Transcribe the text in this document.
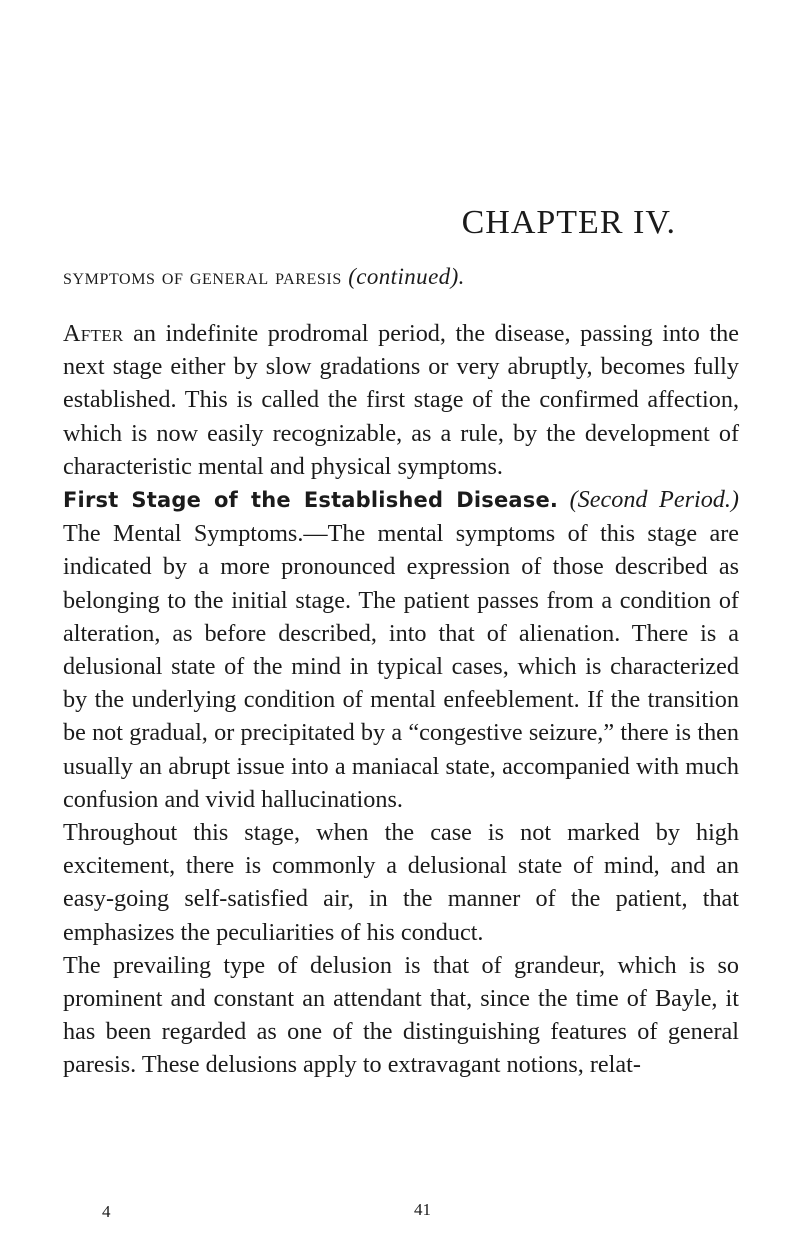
CHAPTER IV.
symptoms of general paresis (continued).

After an indefinite prodromal period, the disease, passing into the next stage either by slow gradations or very abruptly, becomes fully established. This is called the first stage of the confirmed affection, which is now easily recognizable, as a rule, by the development of characteristic mental and physical symptoms.

First Stage of the Established Disease. (Second Period.) The Mental Symptoms.—The mental symptoms of this stage are indicated by a more pronounced expression of those described as belonging to the initial stage. The patient passes from a condition of alteration, as before described, into that of alienation. There is a delusional state of the mind in typical cases, which is characterized by the underlying condition of mental enfeeblement. If the transition be not gradual, or precipitated by a “congestive seizure,” there is then usually an abrupt issue into a maniacal state, accompanied with much confusion and vivid hallucinations.

Throughout this stage, when the case is not marked by high excitement, there is commonly a delusional state of mind, and an easy-going self-satisfied air, in the manner of the patient, that emphasizes the peculiarities of his conduct.

The prevailing type of delusion is that of grandeur, which is so prominent and constant an attendant that, since the time of Bayle, it has been regarded as one of the distinguishing features of general paresis. These delusions apply to extravagant notions, relat-

4	41
